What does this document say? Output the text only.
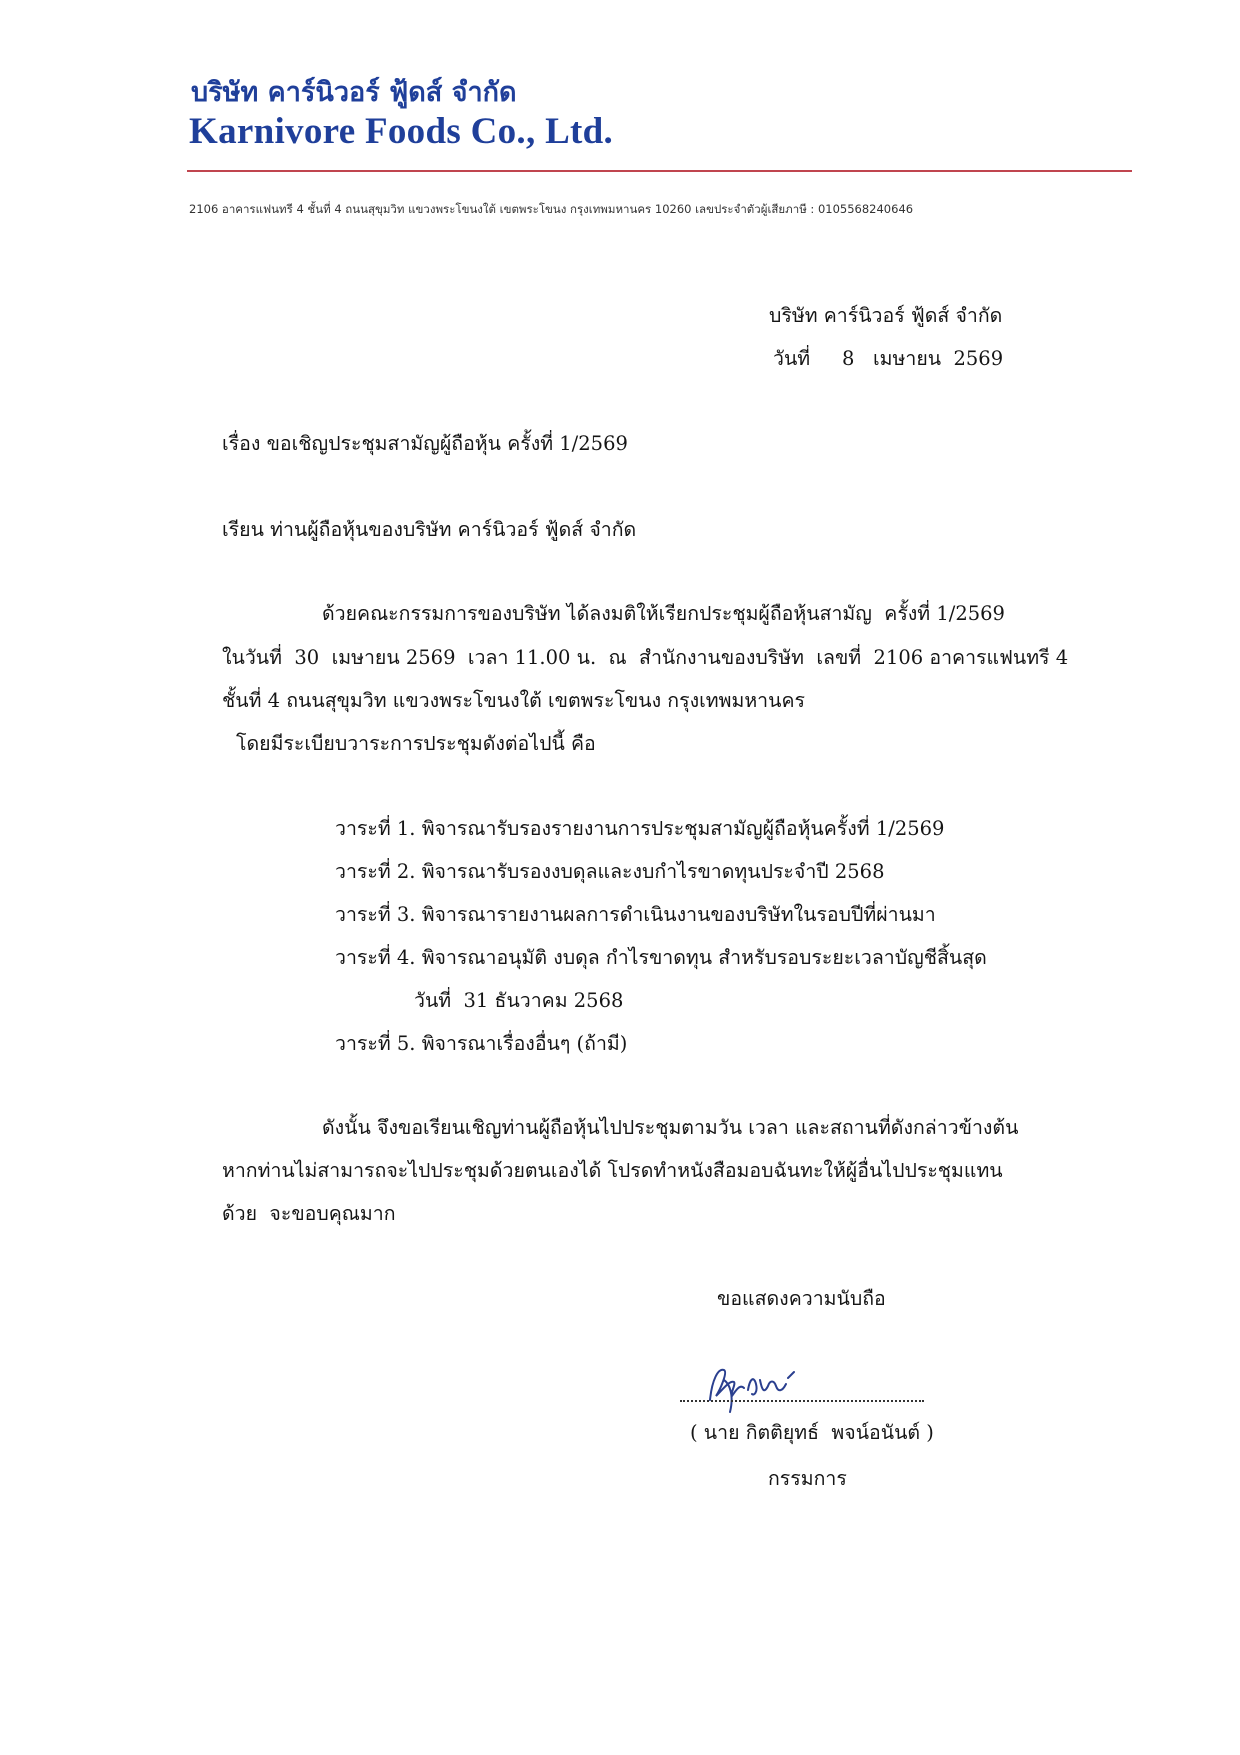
บริษัท คาร์นิวอร์ ฟู้ดส์ จำกัด
Karnivore Foods Co., Ltd.
2106 อาคารแฟนทรี 4 ชั้นที่ 4 ถนนสุขุมวิท แขวงพระโขนงใต้ เขตพระโขนง กรุงเทพมหานคร 10260 เลขประจำตัวผู้เสียภาษี : 0105568240646
บริษัท คาร์นิวอร์ ฟู้ดส์ จำกัด
วันที่ 8   เมษายน  2569
เรื่อง ขอเชิญประชุมสามัญผู้ถือหุ้น ครั้งที่ 1/2569
เรียน ท่านผู้ถือหุ้นของบริษัท คาร์นิวอร์ ฟู้ดส์ จำกัด
ด้วยคณะกรรมการของบริษัท ได้ลงมติให้เรียกประชุมผู้ถือหุ้นสามัญ  ครั้งที่ 1/2569
ในวันที่  30  เมษายน 2569  เวลา 11.00 น.  ณ  สำนักงานของบริษัท  เลขที่  2106 อาคารแฟนทรี 4
ชั้นที่ 4 ถนนสุขุมวิท แขวงพระโขนงใต้ เขตพระโขนง กรุงเทพมหานคร
โดยมีระเบียบวาระการประชุมดังต่อไปนี้ คือ
วาระที่ 1. พิจารณารับรองรายงานการประชุมสามัญผู้ถือหุ้นครั้งที่ 1/2569
วาระที่ 2. พิจารณารับรองงบดุลและงบกำไรขาดทุนประจำปี 2568
วาระที่ 3. พิจารณารายงานผลการดำเนินงานของบริษัทในรอบปีที่ผ่านมา
วาระที่ 4. พิจารณาอนุมัติ งบดุล กำไรขาดทุน สำหรับรอบระยะเวลาบัญชีสิ้นสุด
วันที่  31 ธันวาคม 2568
วาระที่ 5. พิจารณาเรื่องอื่นๆ (ถ้ามี)
ดังนั้น จึงขอเรียนเชิญท่านผู้ถือหุ้นไปประชุมตามวัน เวลา และสถานที่ดังกล่าวข้างต้น
หากท่านไม่สามารถจะไปประชุมด้วยตนเองได้ โปรดทำหนังสือมอบฉันทะให้ผู้อื่นไปประชุมแทน
ด้วย  จะขอบคุณมาก
ขอแสดงความนับถือ
( นาย กิตติยุทธ์  พจน์อนันต์ )
กรรมการ
